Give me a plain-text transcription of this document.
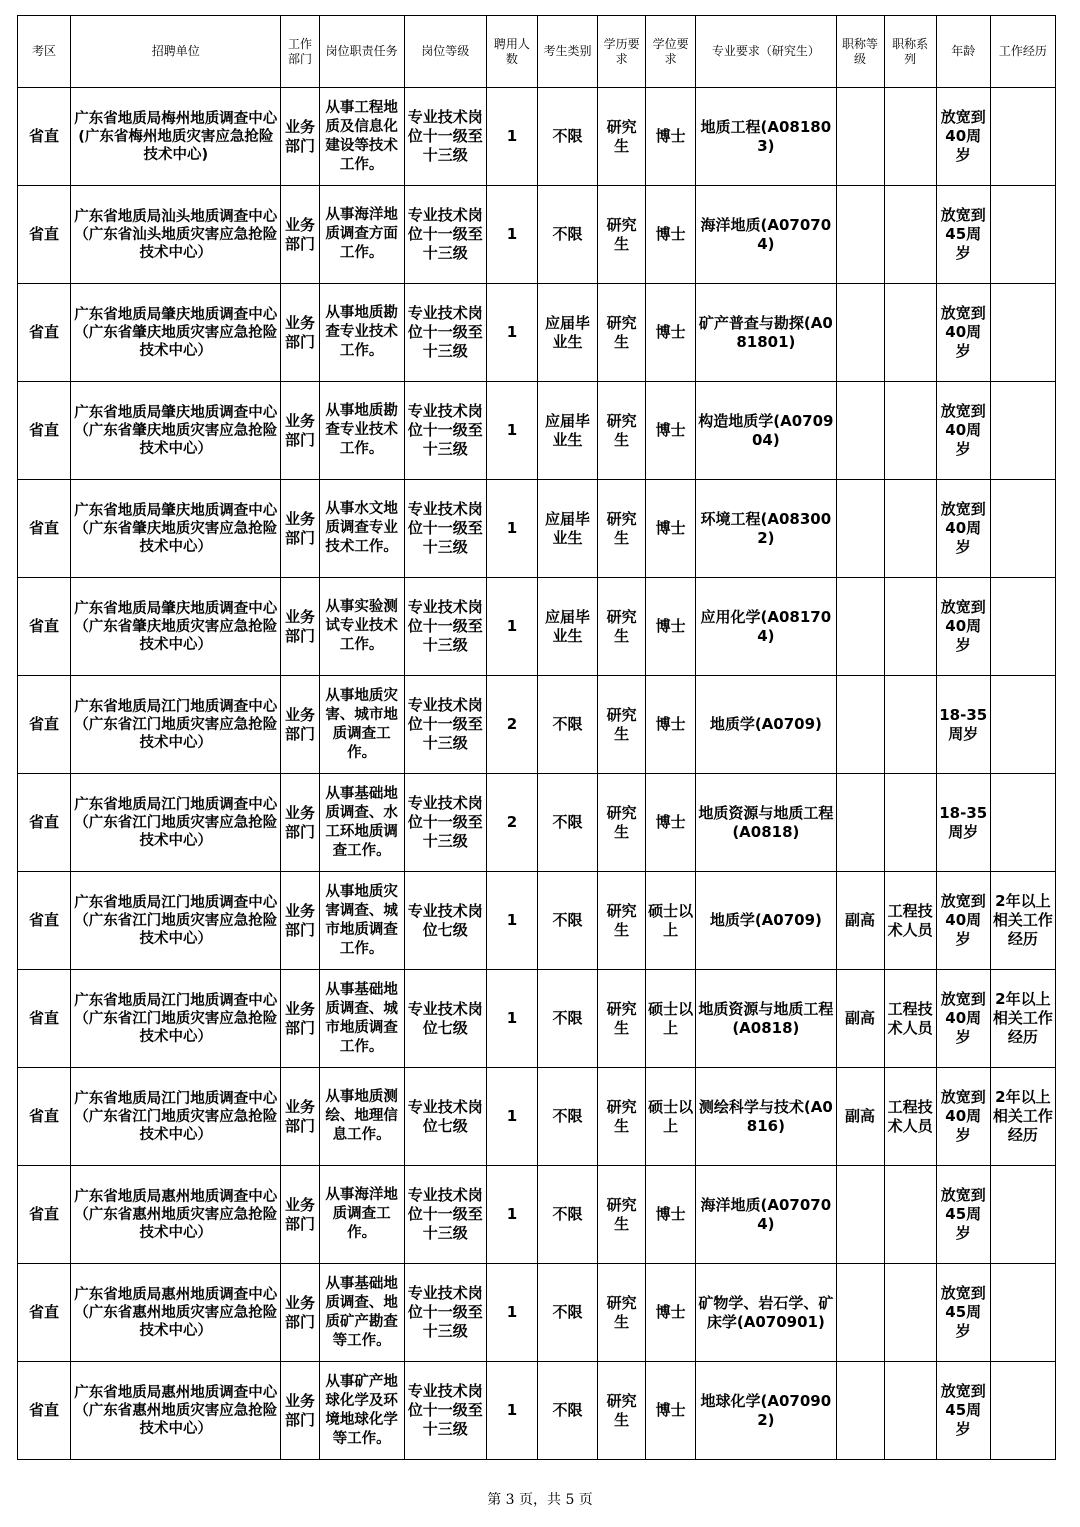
考区	招聘单位	工作部门	岗位职责任务	岗位等级	聘用人数	考生类别	学历要求	学位要求	专业要求（研究生）	职称等级	职称系列	年龄	工作经历
省直	广东省地质局梅州地质调查中心(广东省梅州地质灾害应急抢险技术中心)	业务部门	从事工程地质及信息化建设等技术工作。	专业技术岗位十一级至十三级	1	不限	研究生	博士	地质工程(A081803)			放宽到40周岁	
省直	广东省地质局汕头地质调查中心（广东省汕头地质灾害应急抢险技术中心）	业务部门	从事海洋地质调查方面工作。	专业技术岗位十一级至十三级	1	不限	研究生	博士	海洋地质(A070704)			放宽到45周岁	
省直	广东省地质局肇庆地质调查中心（广东省肇庆地质灾害应急抢险技术中心）	业务部门	从事地质勘查专业技术工作。	专业技术岗位十一级至十三级	1	应届毕业生	研究生	博士	矿产普查与勘探(A081801)			放宽到40周岁	
省直	广东省地质局肇庆地质调查中心（广东省肇庆地质灾害应急抢险技术中心）	业务部门	从事地质勘查专业技术工作。	专业技术岗位十一级至十三级	1	应届毕业生	研究生	博士	构造地质学(A070904)			放宽到40周岁	
省直	广东省地质局肇庆地质调查中心（广东省肇庆地质灾害应急抢险技术中心）	业务部门	从事水文地质调查专业技术工作。	专业技术岗位十一级至十三级	1	应届毕业生	研究生	博士	环境工程(A083002)			放宽到40周岁	
省直	广东省地质局肇庆地质调查中心（广东省肇庆地质灾害应急抢险技术中心）	业务部门	从事实验测试专业技术工作。	专业技术岗位十一级至十三级	1	应届毕业生	研究生	博士	应用化学(A081704)			放宽到40周岁	
省直	广东省地质局江门地质调查中心（广东省江门地质灾害应急抢险技术中心）	业务部门	从事地质灾害、城市地质调查工作。	专业技术岗位十一级至十三级	2	不限	研究生	博士	地质学(A0709)			18-35周岁	
省直	广东省地质局江门地质调查中心（广东省江门地质灾害应急抢险技术中心）	业务部门	从事基础地质调查、水工环地质调查工作。	专业技术岗位十一级至十三级	2	不限	研究生	博士	地质资源与地质工程(A0818)			18-35周岁	
省直	广东省地质局江门地质调查中心（广东省江门地质灾害应急抢险技术中心）	业务部门	从事地质灾害调查、城市地质调查工作。	专业技术岗位七级	1	不限	研究生	硕士以上	地质学(A0709)	副高	工程技术人员	放宽到40周岁	2年以上相关工作经历
省直	广东省地质局江门地质调查中心（广东省江门地质灾害应急抢险技术中心）	业务部门	从事基础地质调查、城市地质调查工作。	专业技术岗位七级	1	不限	研究生	硕士以上	地质资源与地质工程(A0818)	副高	工程技术人员	放宽到40周岁	2年以上相关工作经历
省直	广东省地质局江门地质调查中心（广东省江门地质灾害应急抢险技术中心）	业务部门	从事地质测绘、地理信息工作。	专业技术岗位七级	1	不限	研究生	硕士以上	测绘科学与技术(A0816)	副高	工程技术人员	放宽到40周岁	2年以上相关工作经历
省直	广东省地质局惠州地质调查中心（广东省惠州地质灾害应急抢险技术中心）	业务部门	从事海洋地质调查工作。	专业技术岗位十一级至十三级	1	不限	研究生	博士	海洋地质(A070704)			放宽到45周岁	
省直	广东省地质局惠州地质调查中心（广东省惠州地质灾害应急抢险技术中心）	业务部门	从事基础地质调查、地质矿产勘查等工作。	专业技术岗位十一级至十三级	1	不限	研究生	博士	矿物学、岩石学、矿床学(A070901)			放宽到45周岁	
省直	广东省地质局惠州地质调查中心（广东省惠州地质灾害应急抢险技术中心）	业务部门	从事矿产地球化学及环境地球化学等工作。	专业技术岗位十一级至十三级	1	不限	研究生	博士	地球化学(A070902)			放宽到45周岁	
第 3 页，共 5 页
